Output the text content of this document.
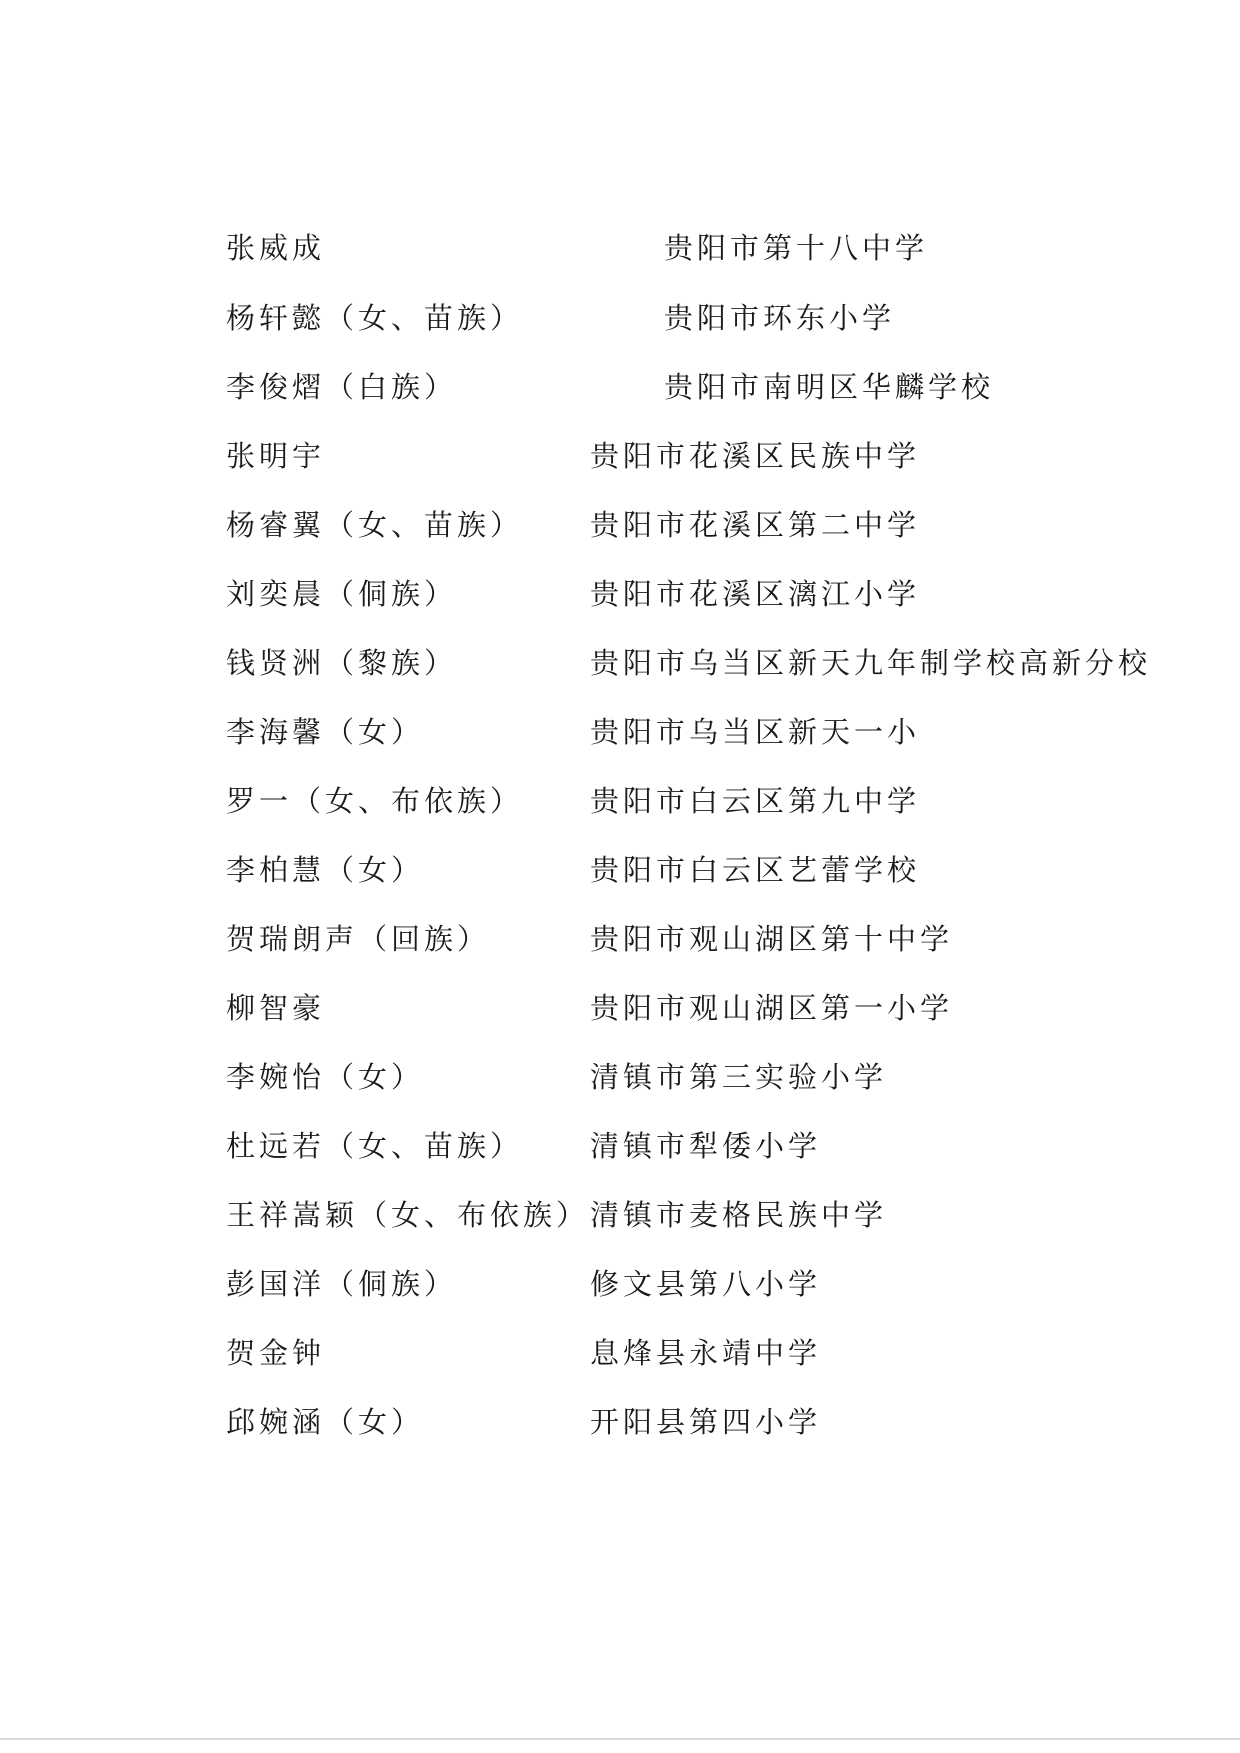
张威成	贵阳市第十八中学
杨轩懿（女、苗族）	贵阳市环东小学
李俊熠（白族）	贵阳市南明区华麟学校
张明宇	贵阳市花溪区民族中学
杨睿翼（女、苗族） 贵阳市花溪区第二中学
刘奕晨（侗族）	贵阳市花溪区漓江小学
钱贤洲（黎族）	贵阳市乌当区新天九年制学校高新分校
李海馨（女）	贵阳市乌当区新天一小
罗一（女、布依族） 贵阳市白云区第九中学
李柏慧（女）	贵阳市白云区艺蕾学校
贺瑞朗声（回族）	贵阳市观山湖区第十中学
柳智豪	贵阳市观山湖区第一小学
李婉怡（女）	清镇市第三实验小学
杜远若（女、苗族） 清镇市犁倭小学
王祥嵩颖（女、布依族） 清镇市麦格民族中学
彭国洋（侗族）	修文县第八小学
贺金钟	息烽县永靖中学
邱婉涵（女）	开阳县第四小学
